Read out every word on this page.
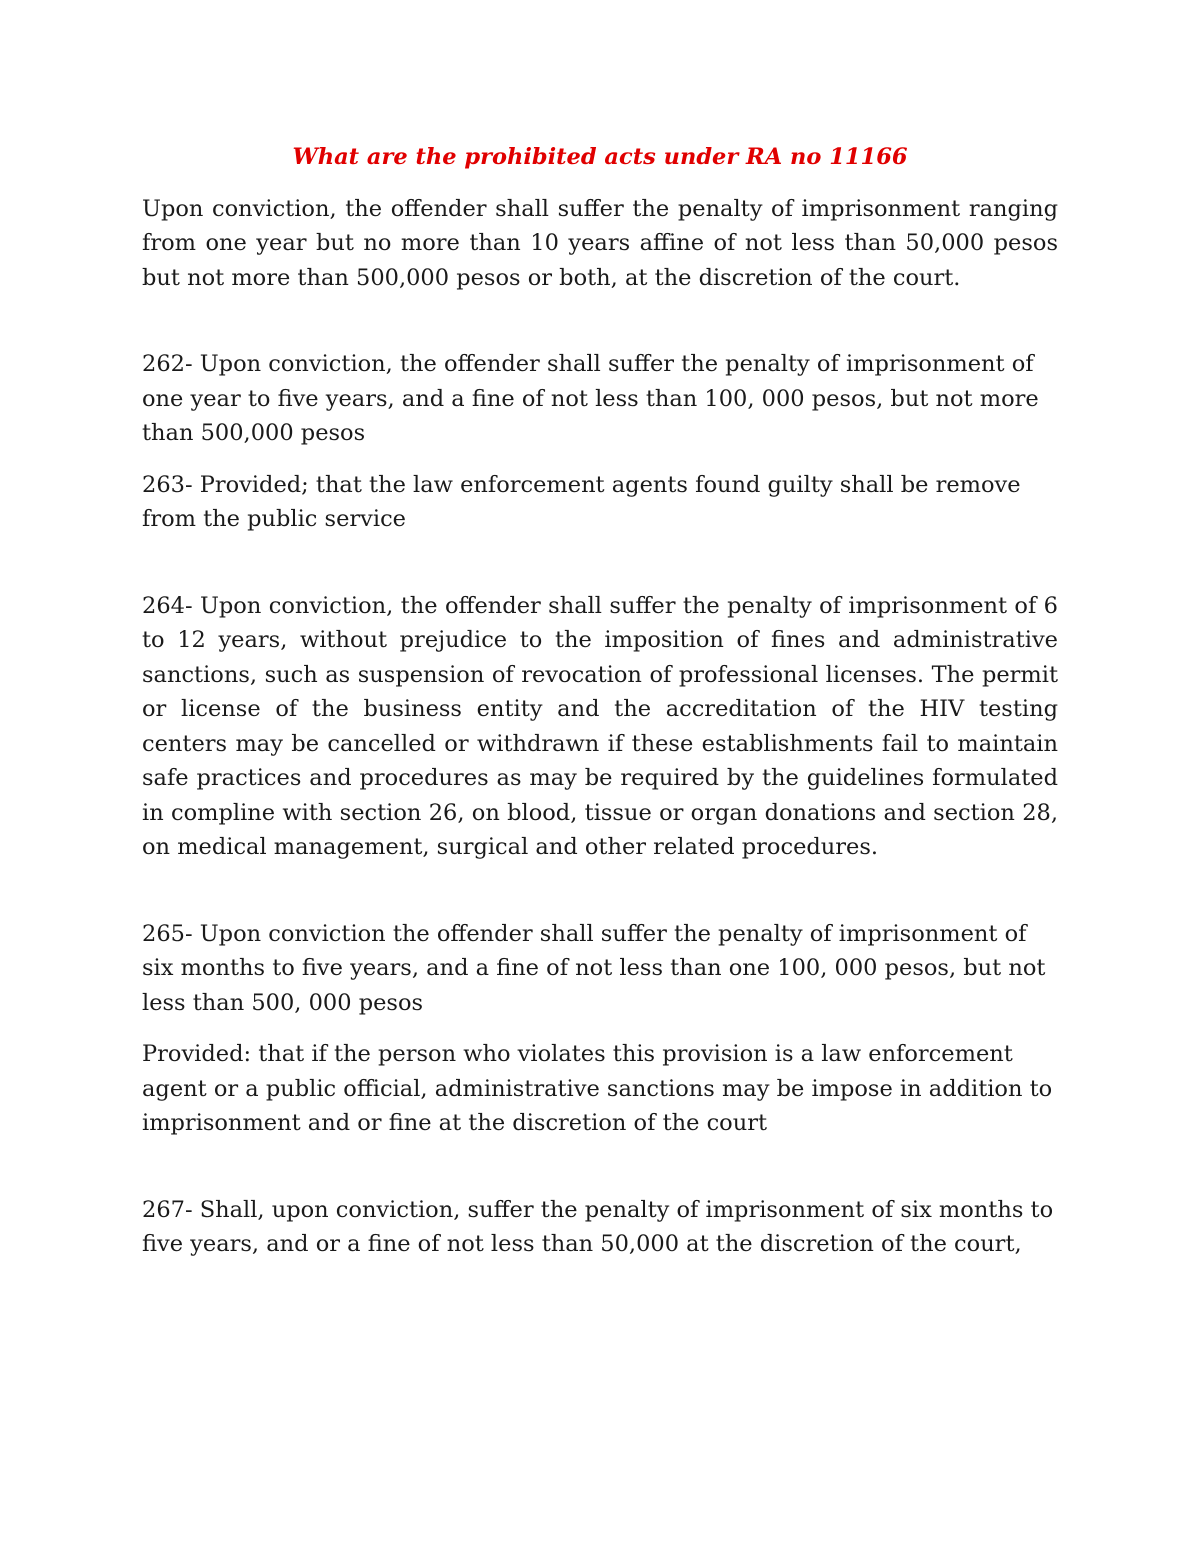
What are the prohibited acts under RA no 11166

Upon conviction, the offender shall suffer the penalty of imprisonment ranging from one year but no more than 10 years affine of not less than 50,000 pesos but not more than 500,000 pesos or both, at the discretion of the court.

262- Upon conviction, the offender shall suffer the penalty of imprisonment of one year to five years, and a fine of not less than 100, 000 pesos, but not more than 500,000 pesos

263- Provided; that the law enforcement agents found guilty shall be remove from the public service

264- Upon conviction, the offender shall suffer the penalty of imprisonment of 6 to 12 years, without prejudice to the imposition of fines and administrative sanctions, such as suspension of revocation of professional licenses. The permit or license of the business entity and the accreditation of the HIV testing centers may be cancelled or withdrawn if these establishments fail to maintain safe practices and procedures as may be required by the guidelines formulated in compline with section 26, on blood, tissue or organ donations and section 28, on medical management, surgical and other related procedures.

265- Upon conviction the offender shall suffer the penalty of imprisonment of six months to five years, and a fine of not less than one 100, 000 pesos, but not less than 500, 000 pesos

Provided: that if the person who violates this provision is a law enforcement agent or a public official, administrative sanctions may be impose in addition to imprisonment and or fine at the discretion of the court

267- Shall, upon conviction, suffer the penalty of imprisonment of six months to five years, and or a fine of not less than 50,000 at the discretion of the court,
